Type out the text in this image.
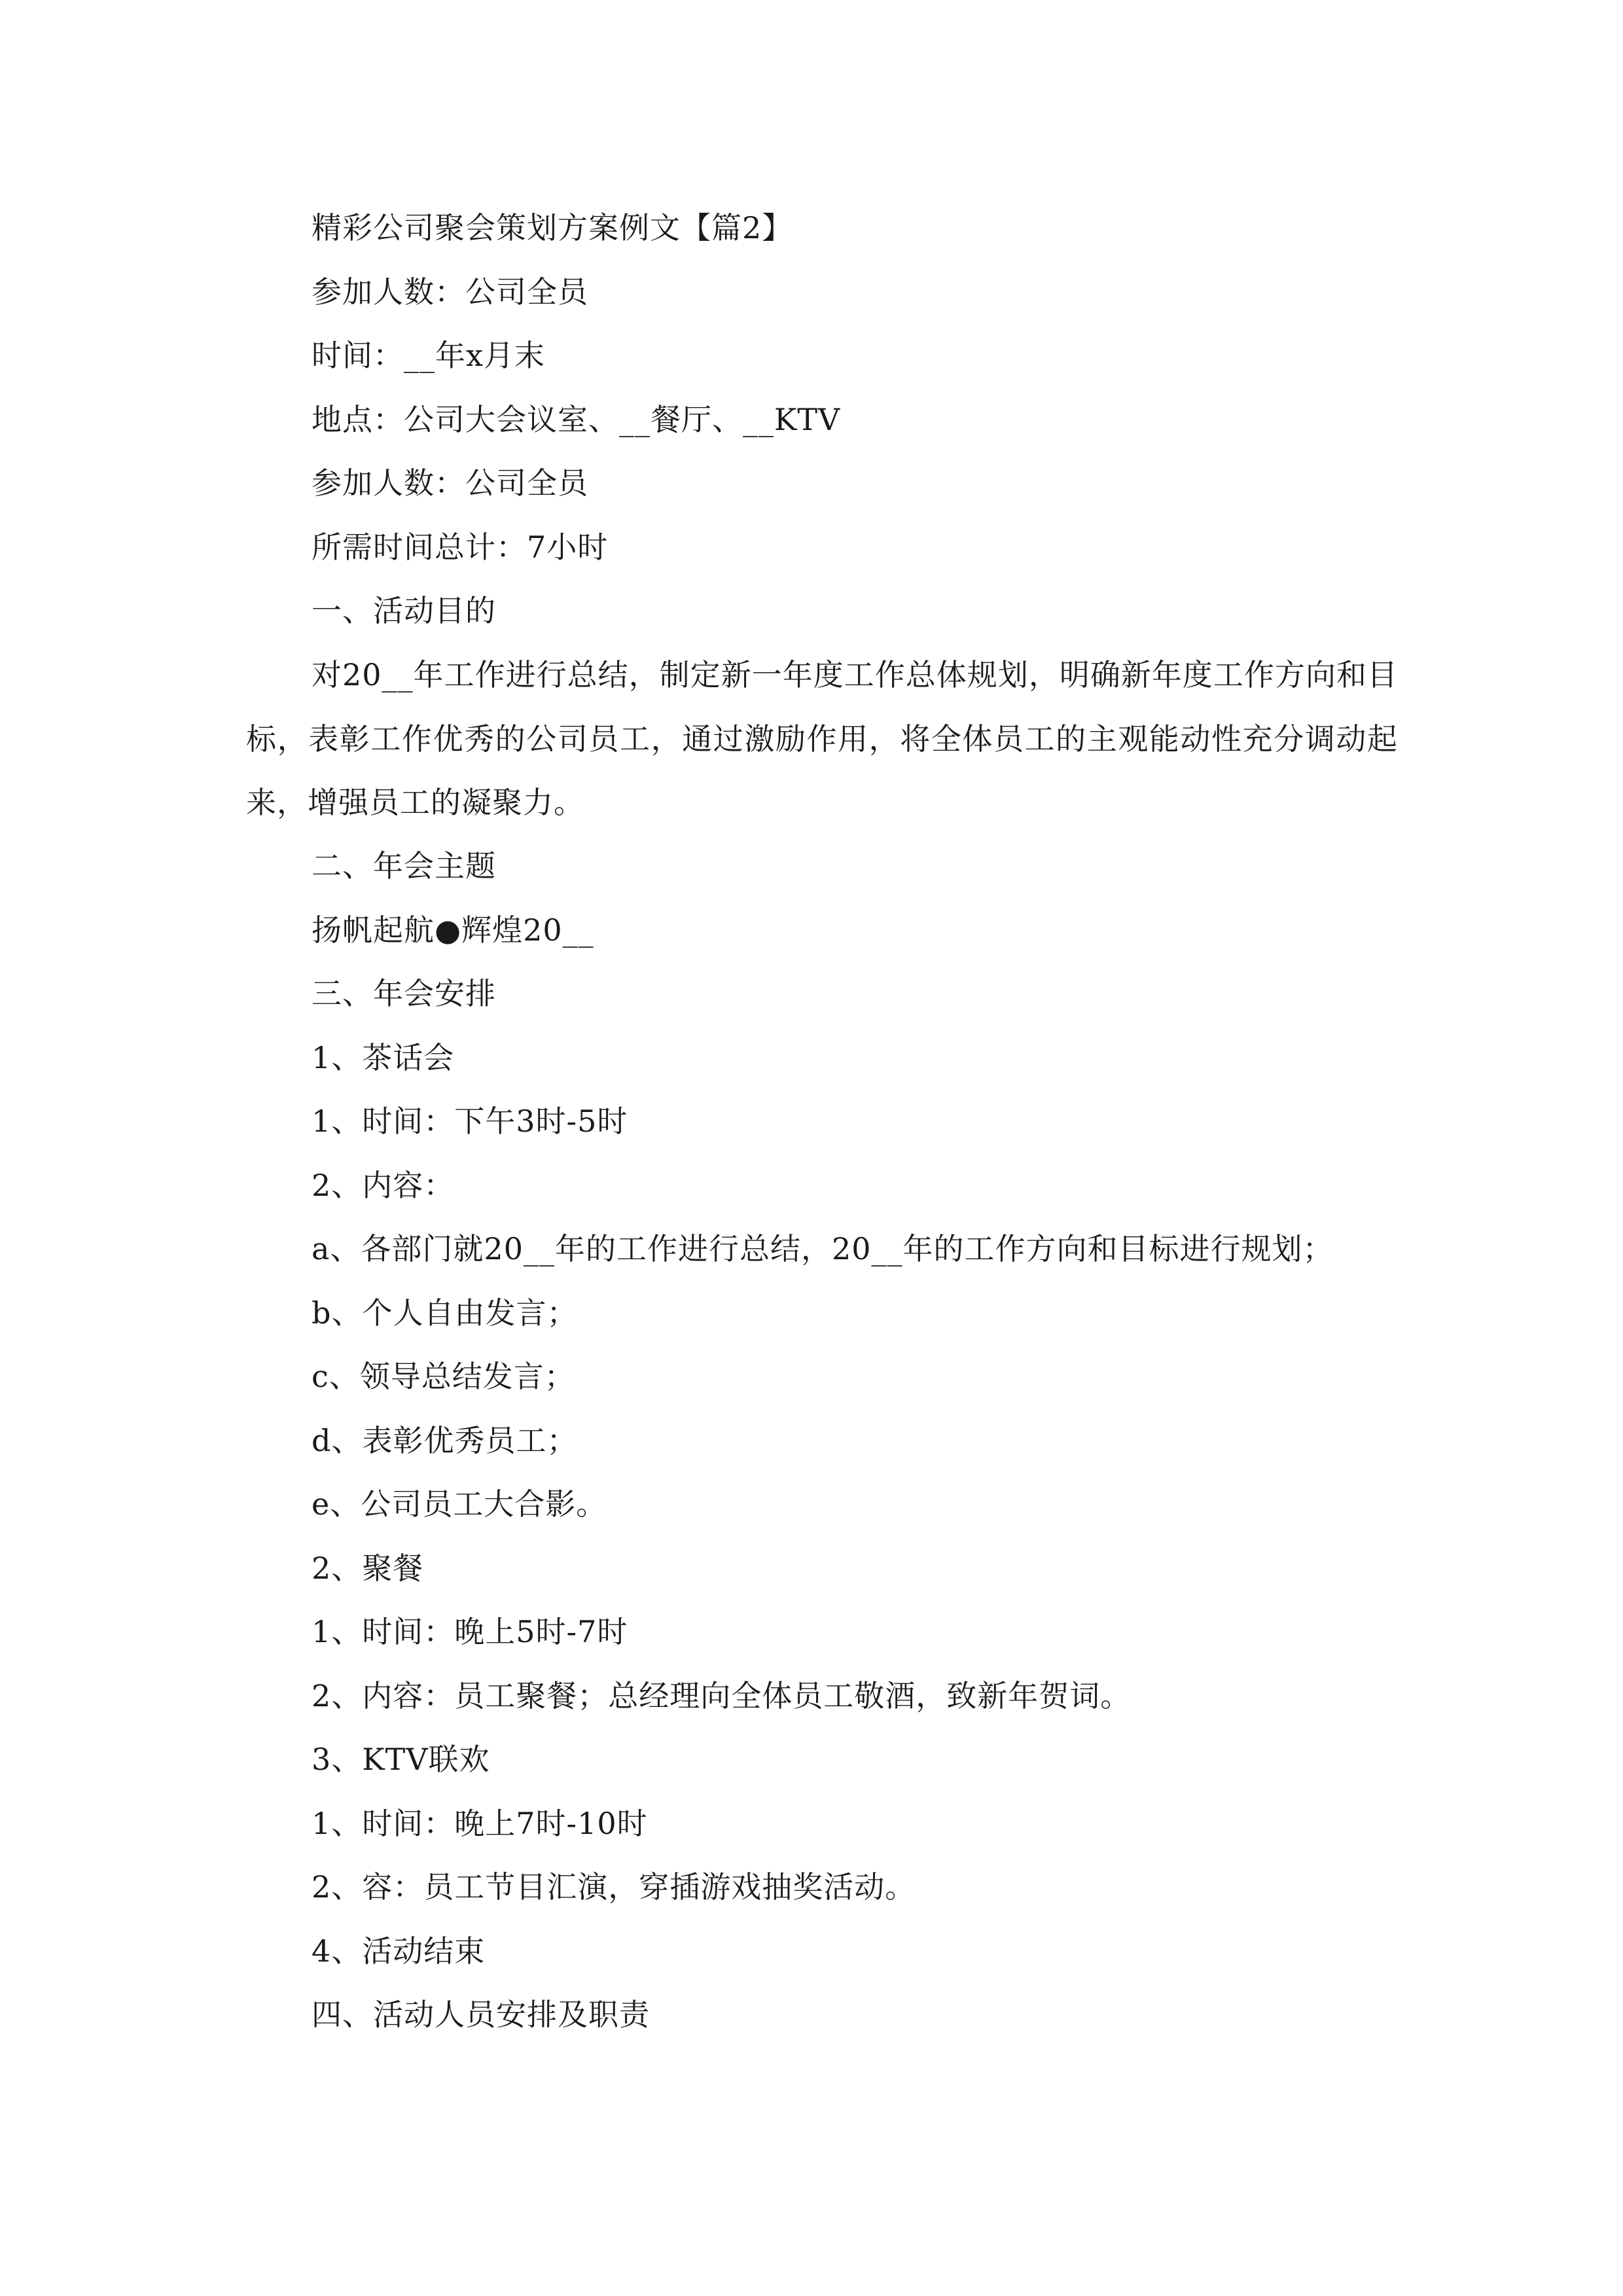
精彩公司聚会策划方案例文【篇2】
参加人数：公司全员
时间：__年x月末
地点：公司大会议室、__餐厅、__KTV
参加人数：公司全员
所需时间总计：7小时
一、活动目的
对20__年工作进行总结，制定新一年度工作总体规划，明确新年度工作方向和目标，表彰工作优秀的公司员工，通过激励作用，将全体员工的主观能动性充分调动起来，增强员工的凝聚力。
二、年会主题
扬帆起航●辉煌20__
三、年会安排
1、茶话会
1、时间：下午3时-5时
2、内容：
a、各部门就20__年的工作进行总结，20__年的工作方向和目标进行规划；
b、个人自由发言；
c、领导总结发言；
d、表彰优秀员工；
e、公司员工大合影。
2、聚餐
1、时间：晚上5时-7时
2、内容：员工聚餐；总经理向全体员工敬酒，致新年贺词。
3、KTV联欢
1、时间：晚上7时-10时
2、容：员工节目汇演，穿插游戏抽奖活动。
4、活动结束
四、活动人员安排及职责
